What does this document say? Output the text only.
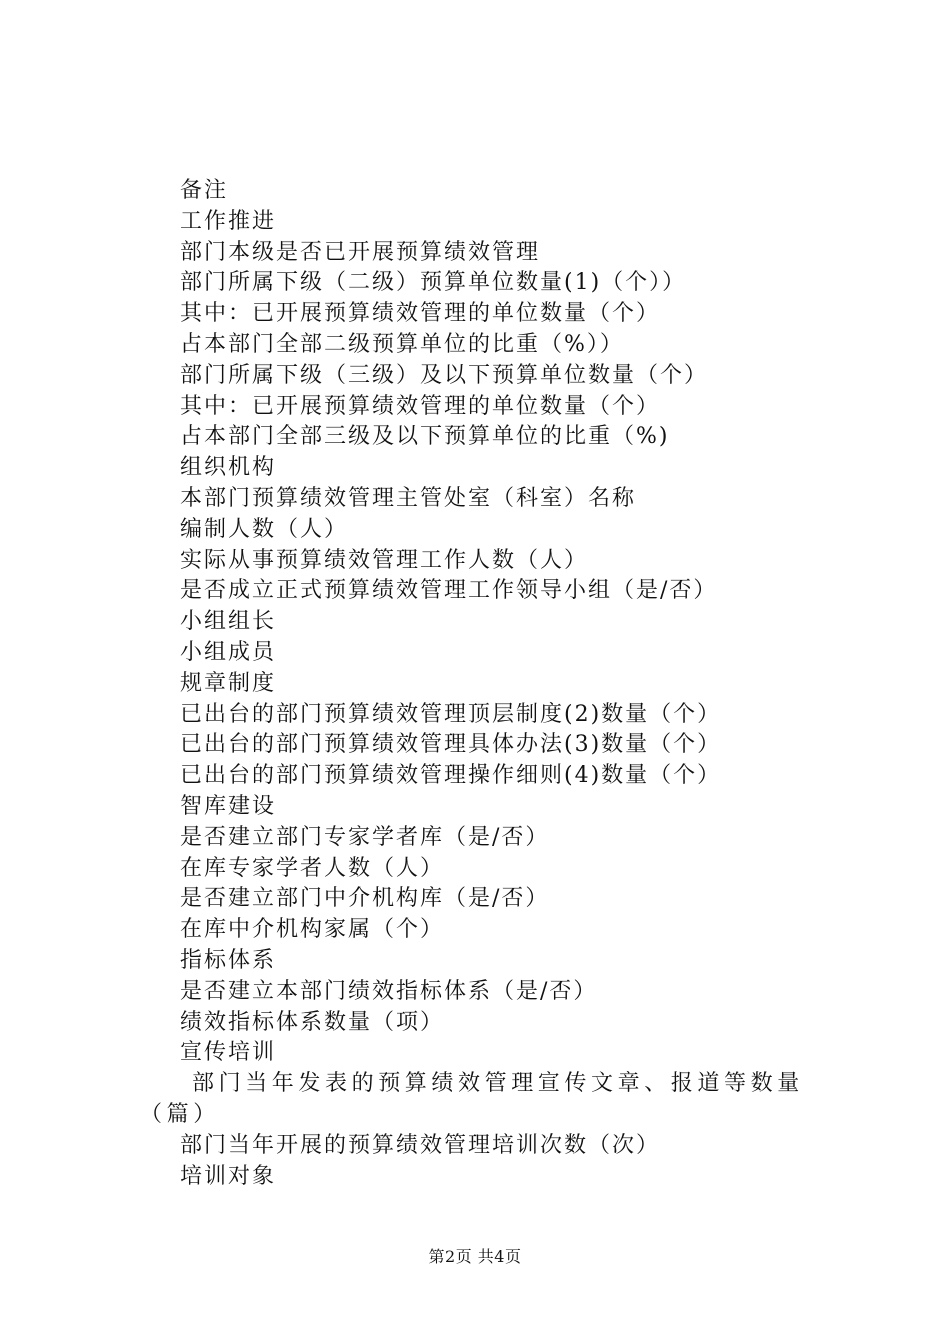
备注
工作推进
部门本级是否已开展预算绩效管理
部门所属下级（二级）预算单位数量(1)（个））
其中：已开展预算绩效管理的单位数量（个）
占本部门全部二级预算单位的比重（%））
部门所属下级（三级）及以下预算单位数量（个）
其中：已开展预算绩效管理的单位数量（个）
占本部门全部三级及以下预算单位的比重（%)
组织机构
本部门预算绩效管理主管处室（科室）名称
编制人数（人）
实际从事预算绩效管理工作人数（人）
是否成立正式预算绩效管理工作领导小组（是/否）
小组组长
小组成员
规章制度
已出台的部门预算绩效管理顶层制度(2)数量（个）
已出台的部门预算绩效管理具体办法(3)数量（个）
已出台的部门预算绩效管理操作细则(4)数量（个）
智库建设
是否建立部门专家学者库（是/否）
在库专家学者人数（人）
是否建立部门中介机构库（是/否）
在库中介机构家属（个）
指标体系
是否建立本部门绩效指标体系（是/否）
绩效指标体系数量（项）
宣传培训
部门当年发表的预算绩效管理宣传文章、报道等数量（篇）
部门当年开展的预算绩效管理培训次数（次）
培训对象
第2页 共4页
